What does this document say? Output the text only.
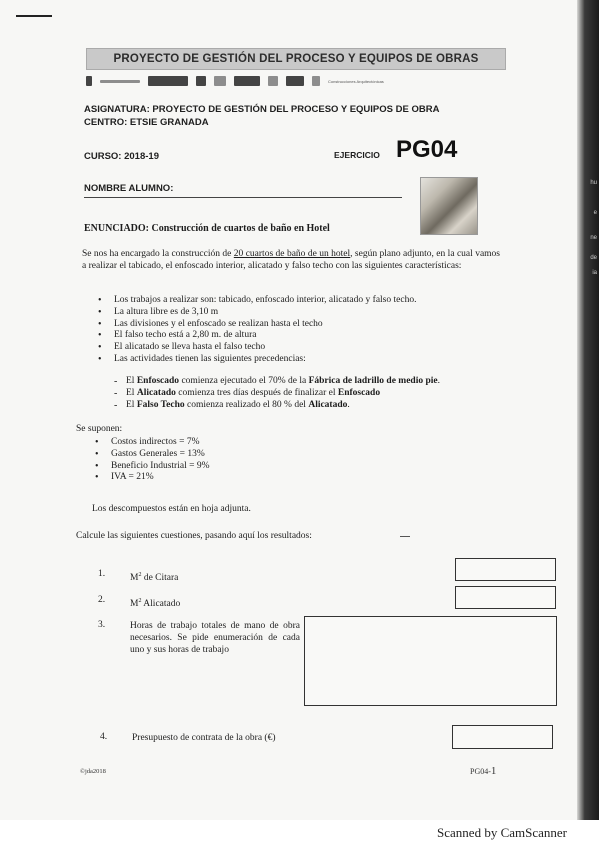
hu
e
ne
de
ia
PROYECTO DE GESTIÓN DEL PROCESO Y EQUIPOS DE OBRAS
Construcciones Arquitectónicas
ASIGNATURA: PROYECTO DE GESTIÓN DEL PROCESO Y EQUIPOS DE OBRA
CENTRO: ETSIE GRANADA
CURSO: 2018-19	EJERCICIO PG04
NOMBRE ALUMNO:
ENUNCIADO: Construcción de cuartos de baño en Hotel

Se nos ha encargado la construcción de 20 cuartos de baño de un hotel, según plano adjunto, en la cual vamos a realizar el tabicado, el enfoscado interior, alicatado y falso techo con las siguientes características:

• Los trabajos a realizar son: tabicado, enfoscado interior, alicatado y falso techo.
• La altura libre es de 3,10 m
• Las divisiones y el enfoscado se realizan hasta el techo
• El falso techo está a 2,80 m. de altura
• El alicatado se lleva hasta el falso techo
• Las actividades tienen las siguientes precedencias:
- El Enfoscado comienza ejecutado el 70% de la Fábrica de ladrillo de medio pie.
- El Alicatado comienza tres días después de finalizar el Enfoscado
- El Falso Techo comienza realizado el 80 % del Alicatado.
Se suponen:
• Costos indirectos = 7%
• Gastos Generales = 13%
• Beneficio Industrial = 9%
• IVA = 21%
Los descompuestos están en hoja adjunta.
Calcule las siguientes cuestiones, pasando aquí los resultados:
1.	$M^2$ de Citara
2.	$M^2$ Alicatado
3.	Horas de trabajo totales de mano de obra necesarios. Se pide enumeración de cada uno y sus horas de trabajo
4.	Presupuesto de contrata de la obra (€)
©jda2018	PG04-1
Scanned by CamScanner
